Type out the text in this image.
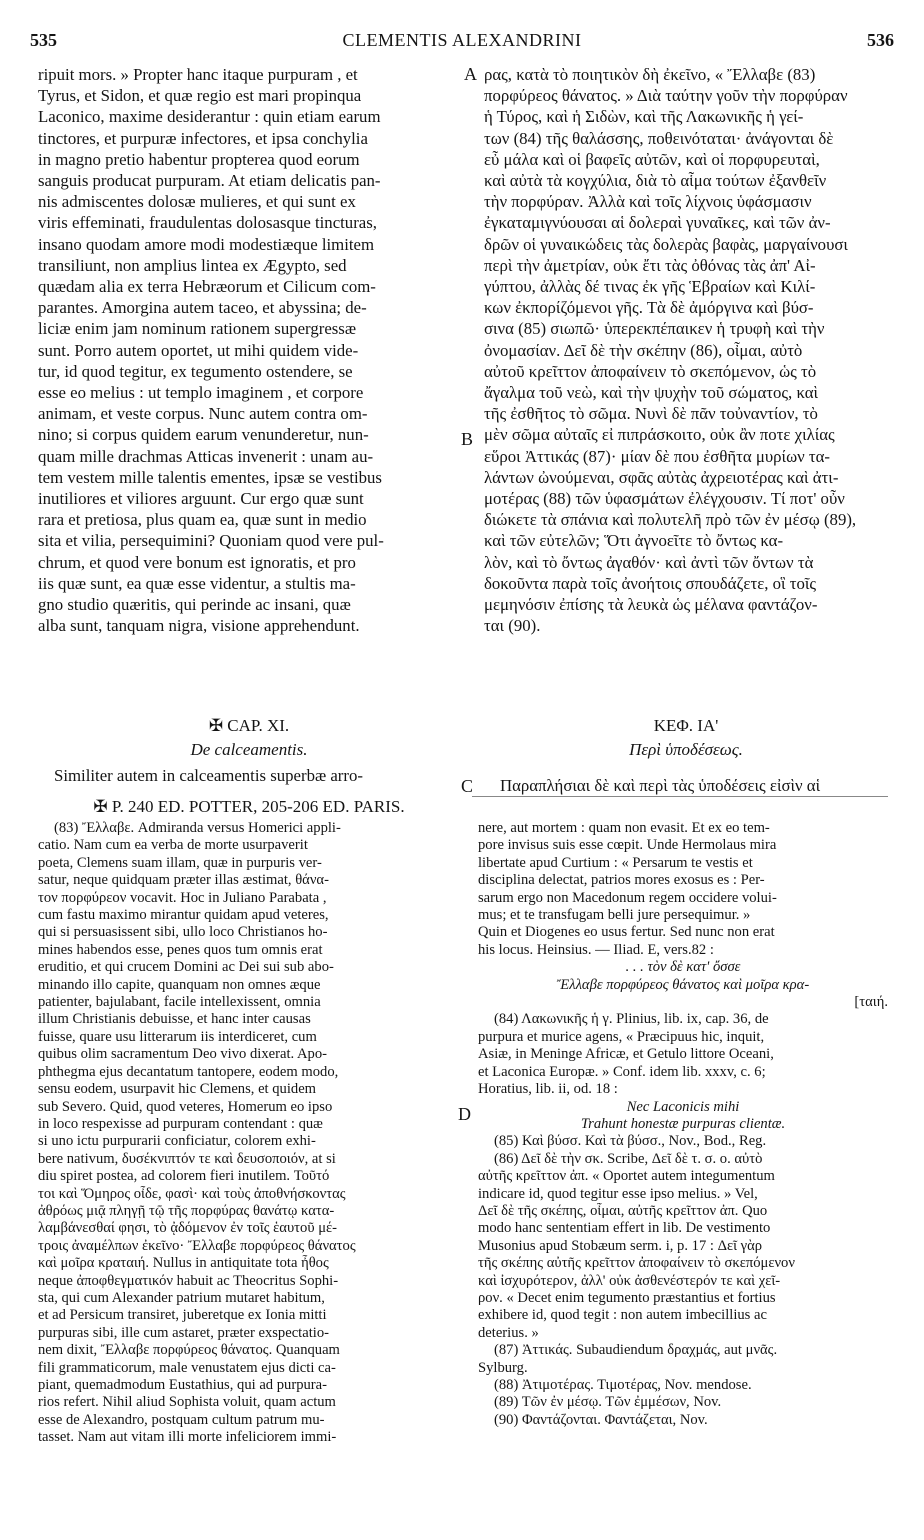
535	CLEMENTIS ALEXANDRINI	536
A
B
C
D
ripuit mors. » Propter hanc itaque purpuram , et
Tyrus, et Sidon, et quæ regio est mari propinqua
Laconico, maxime desiderantur : quin etiam earum
tinctores, et purpuræ infectores, et ipsa conchylia
in magno pretio habentur propterea quod eorum
sanguis producat purpuram. At etiam delicatis pan-
nis admiscentes dolosæ mulieres, et qui sunt ex
viris effeminati, fraudulentas dolosasque tincturas,
insano quodam amore modi modestiæque limitem
transiliunt, non amplius lintea ex Ægypto, sed
quædam alia ex terra Hebræorum et Cilicum com-
parantes. Amorgina autem taceo, et abyssina; de-
liciæ enim jam nominum rationem supergressæ
sunt. Porro autem oportet, ut mihi quidem vide-
tur, id quod tegitur, ex tegumento ostendere, se
esse eo melius : ut templo imaginem , et corpore
animam, et veste corpus. Nunc autem contra om-
nino; si corpus quidem earum venunderetur, nun-
quam mille drachmas Atticas invenerit : unam au-
tem vestem mille talentis ementes, ipsæ se vestibus
inutiliores et viliores arguunt. Cur ergo quæ sunt
rara et pretiosa, plus quam ea, quæ sunt in medio
sita et vilia, persequimini? Quoniam quod vere pul-
chrum, et quod vere bonum est ignoratis, et pro
iis quæ sunt, ea quæ esse videntur, a stultis ma-
gno studio quæritis, qui perinde ac insani, quæ
alba sunt, tanquam nigra, visione apprehendunt.
ρας, κατὰ τὸ ποιητικὸν δὴ ἐκεῖνο, « Ἔλλαβε (83)
πορφύρεος θάνατος. » Διὰ ταύτην γοῦν τὴν πορφύραν
ἡ Τύρος, καὶ ἡ Σιδὼν, καὶ τῆς Λακωνικῆς ἡ γεί-
των (84) τῆς θαλάσσης, ποθεινόταται· ἀνάγονται δὲ
εὖ μάλα καὶ οἱ βαφεῖς αὐτῶν, καὶ οἱ πορφυρευταὶ,
καὶ αὐτὰ τὰ κογχύλια, διὰ τὸ αἷμα τούτων ἐξανθεῖν
τὴν πορφύραν. Ἀλλὰ καὶ τοῖς λίχνοις ὑφάσμασιν
ἐγκαταμιγνύουσαι αἱ δολεραὶ γυναῖκες, καὶ τῶν ἀν-
δρῶν οἱ γυναικώδεις τὰς δολερὰς βαφὰς, μαργαίνουσι
περὶ τὴν ἀμετρίαν, οὐκ ἔτι τὰς ὀθόνας τὰς ἀπ' Αἰ-
γύπτου, ἀλλὰς δέ τινας ἐκ γῆς Ἑβραίων καὶ Κιλί-
κων ἐκπορίζόμενοι γῆς. Τὰ δὲ ἀμόργινα καὶ βύσ-
σινα (85) σιωπῶ· ὑπερεκπέπαικεν ἡ τρυφὴ καὶ τὴν
ὀνομασίαν. Δεῖ δὲ τὴν σκέπην (86), οἶμαι, αὐτὸ
αὐτοῦ κρεῖττον ἀποφαίνειν τὸ σκεπόμενον, ὡς τὸ
ἄγαλμα τοῦ νεὼ, καὶ τὴν ψυχὴν τοῦ σώματος, καὶ
τῆς ἐσθῆτος τὸ σῶμα. Νυνὶ δὲ πᾶν τοὐναντίον, τὸ
μὲν σῶμα αὐταῖς εἰ πιπράσκοιτο, οὐκ ἂν ποτε χιλίας
εὕροι Ἀττικάς (87)· μίαν δὲ που ἐσθῆτα μυρίων τα-
λάντων ὠνούμεναι, σφᾶς αὐτὰς ἀχρειοτέρας καὶ ἀτι-
μοτέρας (88) τῶν ὑφασμάτων ἐλέγχουσιν. Τί ποτ' οὖν
διώκετε τὰ σπάνια καὶ πολυτελῆ πρὸ τῶν ἐν μέσῳ (89),
καὶ τῶν εὐτελῶν; Ὅτι ἀγνοεῖτε τὸ ὄντως κα-
λὸν, καὶ τὸ ὄντως ἀγαθόν· καὶ ἀντὶ τῶν ὄντων τὰ
δοκοῦντα παρὰ τοῖς ἀνοήτοις σπουδάζετε, οἳ τοῖς
μεμηνόσιν ἐπίσης τὰ λευκὰ ὡς μέλανα φαντάζον-
ται (90).
✠ CAP. XI.
De calceamentis.
ΚΕΦ. ΙΑ'
Περὶ ὑποδέσεως.
Similiter autem in calceamentis superbæ arro-
Παραπλήσιαι δὲ καὶ περὶ τὰς ὑποδέσεις εἰσὶν αἱ
✠ P. 240 ED. POTTER, 205-206 ED. PARIS.
(83) Ἔλλαβε. Admiranda versus Homerici appli-
catio. Nam cum ea verba de morte usurpaverit
poeta, Clemens suam illam, quæ in purpuris ver-
satur, neque quidquam præter illas æstimat, θάνα-
τον πορφύρεον vocavit. Hoc in Juliano Parabata ,
cum fastu maximo mirantur quidam apud veteres,
qui si persuasissent sibi, ullo loco Christianos ho-
mines habendos esse, penes quos tum omnis erat
eruditio, et qui crucem Domini ac Dei sui sub abo-
minando illo capite, quanquam non omnes æque
patienter, bajulabant, facile intellexissent, omnia
illum Christianis debuisse, et hanc inter causas
fuisse, quare usu litterarum iis interdiceret, cum
quibus olim sacramentum Deo vivo dixerat. Apo-
phthegma ejus decantatum tantopere, eodem modo,
sensu eodem, usurpavit hic Clemens, et quidem
sub Severo. Quid, quod veteres, Homerum eo ipso
in loco respexisse ad purpuram contendant : quæ
si uno ictu purpurarii conficiatur, colorem exhi-
bere nativum, δυσέκνιπτόν τε καὶ δευσοποιόν, at si
diu spiret postea, ad colorem fieri inutilem. Τοῦτό
τοι καὶ Ὅμηρος οἶδε, φασὶ· καὶ τοὺς ἀποθνήσκοντας
ἀθρόως μιᾷ πληγῇ τῷ τῆς πορφύρας θανάτῳ κατα-
λαμβάνεσθαί φησι, τὸ ᾀδόμενον ἐν τοῖς ἑαυτοῦ μέ-
τροις ἀναμέλπων ἐκεῖνο· Ἔλλαβε πορφύρεος θάνατος
καὶ μοῖρα κραταιή. Nullus in antiquitate tota ἦθος
neque ἀποφθεγματικόν habuit ac Theocritus Sophi-
sta, qui cum Alexander patrium mutaret habitum,
et ad Persicum transiret, juberetque ex Ionia mitti
purpuras sibi, ille cum astaret, præter exspectatio-
nem dixit, Ἔλλαβε πορφύρεος θάνατος. Quanquam
fili grammaticorum, male venustatem ejus dicti ca-
piant, quemadmodum Eustathius, qui ad purpura-
rios refert. Nihil aliud Sophista voluit, quam actum
esse de Alexandro, postquam cultum patrum mu-
tasset. Nam aut vitam illi morte infeliciorem immi-
nere, aut mortem : quam non evasit. Et ex eo tem-
pore invisus suis esse cœpit. Unde Hermolaus mira
libertate apud Curtium : « Persarum te vestis et
disciplina delectat, patrios mores exosus es : Per-
sarum ergo non Macedonum regem occidere volui-
mus; et te transfugam belli jure persequimur. »
Quin et Diogenes eo usus fertur. Sed nunc non erat
his locus. Heinsius. — Iliad. E, vers.82 :
. . . τὸν δὲ κατ' ὄσσε
Ἔλλαβε πορφύρεος θάνατος καὶ μοῖρα κρα-
[ταιή.
(84) Λακωνικῆς ἡ γ. Plinius, lib. ix, cap. 36, de
purpura et murice agens, « Præcipuus hic, inquit,
Asiæ, in Meninge Africæ, et Getulo littore Oceani,
et Laconica Europæ. » Conf. idem lib. xxxv, c. 6;
Horatius, lib. ii, od. 18 :
Nec Laconicis mihi
Trahunt honestæ purpuras clientæ.
(85) Καὶ βύσσ. Καὶ τὰ βύσσ., Nov., Bod., Reg.
(86) Δεῖ δὲ τὴν σκ. Scribe, Δεῖ δὲ τ. σ. ο. αὐτὸ
αὐτῆς κρεῖττον ἀπ. « Oportet autem integumentum
indicare id, quod tegitur esse ipso melius. » Vel,
Δεῖ δὲ τῆς σκέπης, οἶμαι, αὐτῆς κρεῖττον ἀπ. Quo
modo hanc sententiam effert in lib. De vestimento
Musonius apud Stobæum serm. i, p. 17 : Δεῖ γὰρ
τῆς σκέπης αὐτῆς κρεῖττον ἀποφαίνειν τὸ σκεπόμενον
καὶ ἰσχυρότερον, ἀλλ' οὐκ ἀσθενέστερόν τε καὶ χεῖ-
ρον. « Decet enim tegumento præstantius et fortius
exhibere id, quod tegit : non autem imbecillius ac
deterius. »
(87) Ἀττικάς. Subaudiendum δραχμάς, aut μνᾶς.
Sylburg.
(88) Ἀτιμοτέρας. Τιμοτέρας, Nov. mendose.
(89) Τῶν ἐν μέσῳ. Τῶν ἐμμέσων, Nov.
(90) Φαντάζονται. Φαντάζεται, Nov.
